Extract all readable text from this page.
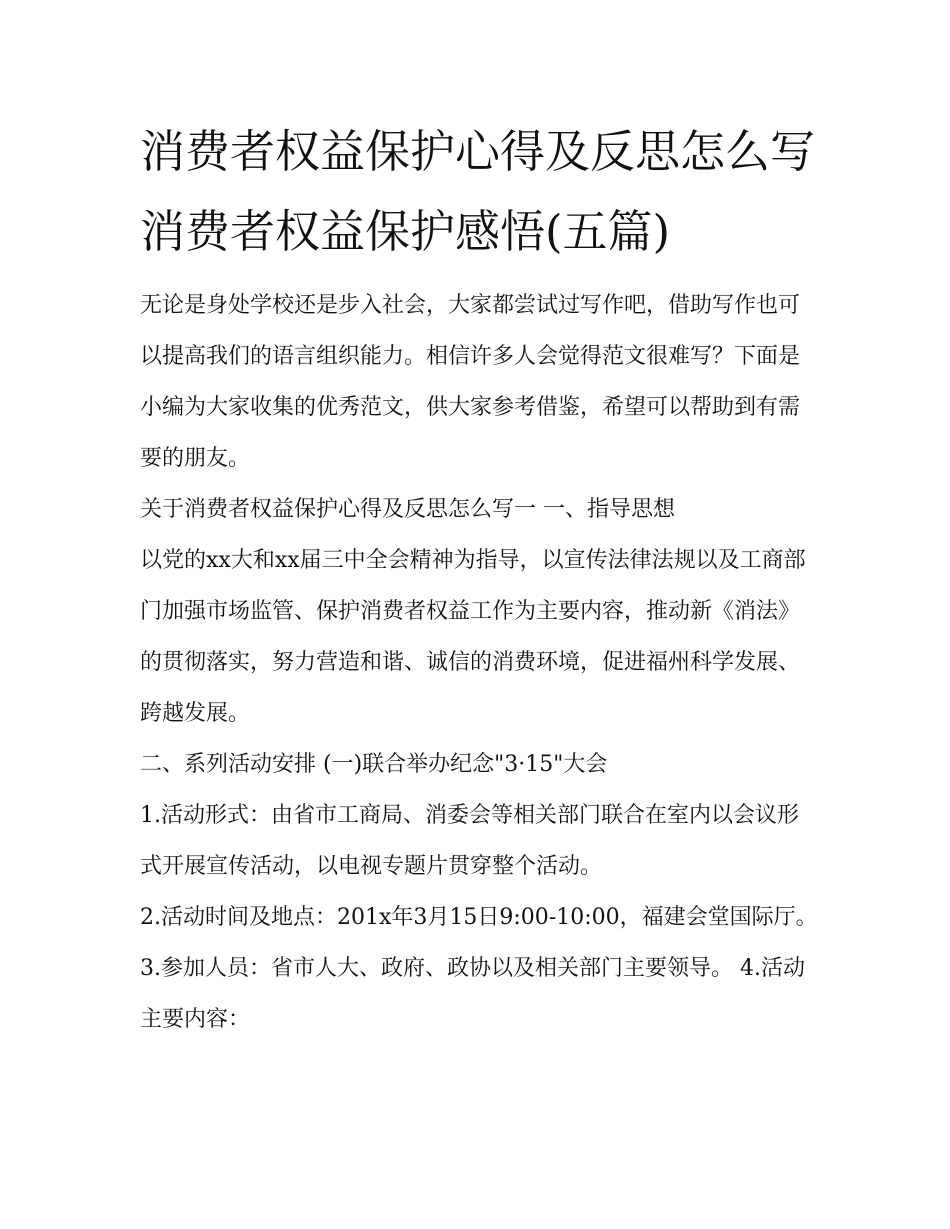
消费者权益保护心得及反思怎么写 消费者权益保护感悟(五篇)

无论是身处学校还是步入社会，大家都尝试过写作吧，借助写作也可以提高我们的语言组织能力。相信许多人会觉得范文很难写？下面是小编为大家收集的优秀范文，供大家参考借鉴，希望可以帮助到有需要的朋友。

关于消费者权益保护心得及反思怎么写一 一、指导思想

以党的xx大和xx届三中全会精神为指导，以宣传法律法规以及工商部门加强市场监管、保护消费者权益工作为主要内容，推动新《消法》的贯彻落实，努力营造和谐、诚信的消费环境，促进福州科学发展、跨越发展。

二、系列活动安排 (一)联合举办纪念"3·15"大会

1.活动形式：由省市工商局、消委会等相关部门联合在室内以会议形式开展宣传活动，以电视专题片贯穿整个活动。

2.活动时间及地点：201x年3月15日9:00-10:00，福建会堂国际厅。 3.参加人员：省市人大、政府、政协以及相关部门主要领导。 4.活动主要内容：
